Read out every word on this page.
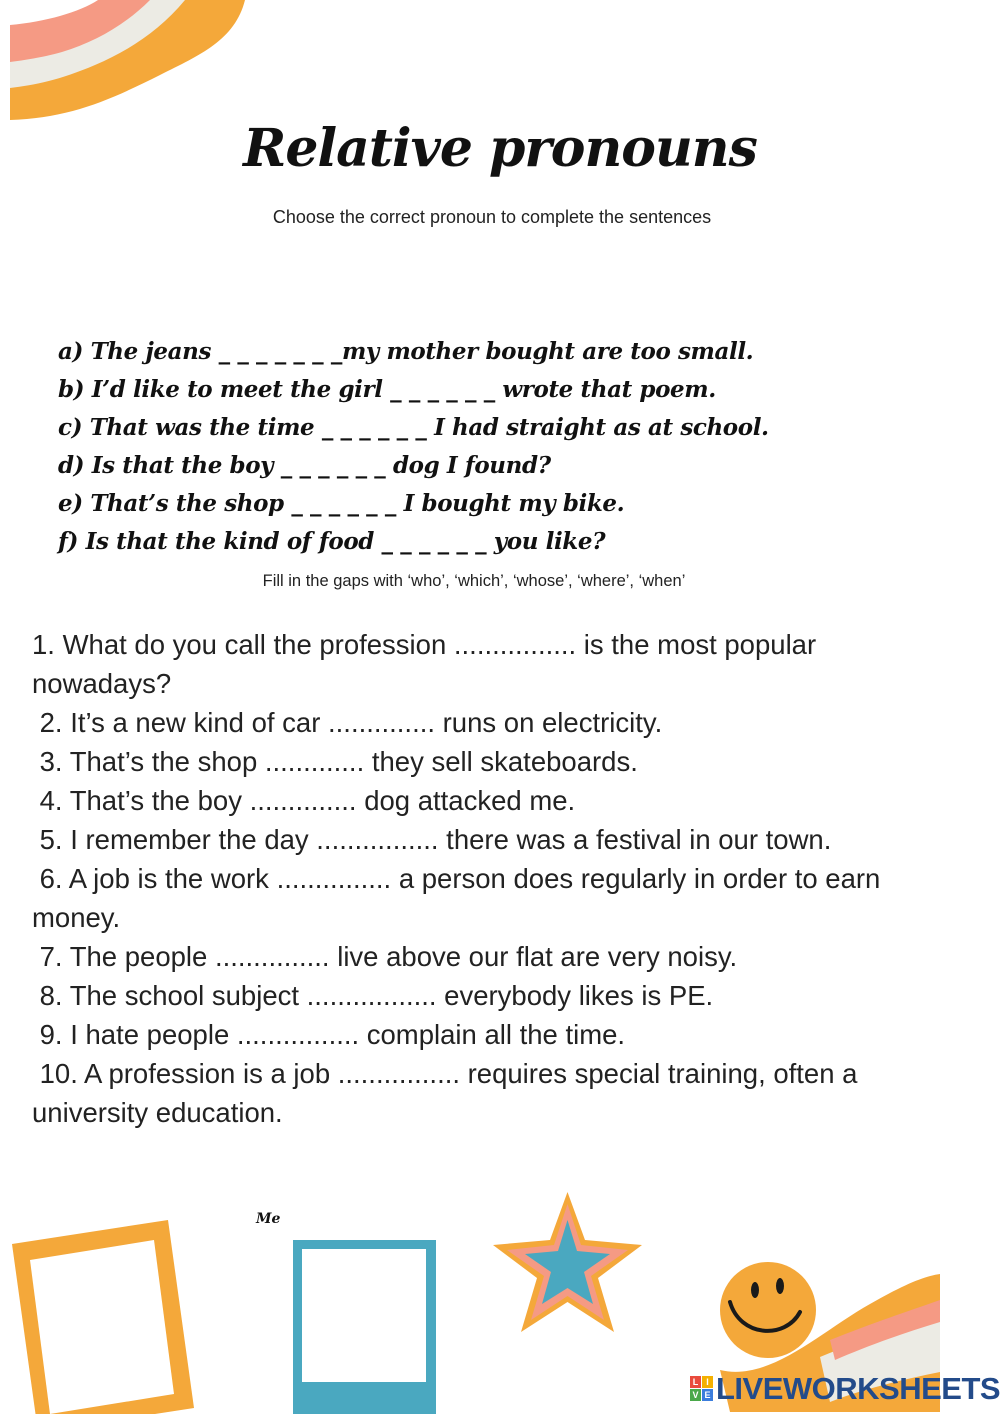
Relative pronouns
Choose the correct pronoun to complete the sentences
a) The jeans _ _ _ _ _ _ _my mother bought are too small.
b) I’d like to meet the girl _ _ _ _ _ _ wrote that poem.
c) That was the time _ _ _ _ _ _ I had straight as at school.
d) Is that the boy _ _ _ _ _ _ dog I found?
e) That’s the shop _ _ _ _ _ _ I bought my bike.
f) Is that the kind of food _ _ _ _ _ _ you like?
Fill in the gaps with ‘who’, ‘which’, ‘whose’, ‘where’, ‘when’
1. What do you call the profession ................ is the most popular nowadays?
2. It’s a new kind of car .............. runs on electricity.
3. That’s the shop ............. they sell skateboards.
4. That’s the boy .............. dog attacked me.
5. I remember the day ................ there was a festival in our town.
6. A job is the work ............... a person does regularly in order to earn money.
7. The people ............... live above our flat are very noisy.
8. The school subject ................. everybody likes is PE.
9. I hate people ................ complain all the time.
10. A profession is a job ................ requires special training, often a university education.
Me
L I
V E LIVEWORKSHEETS
